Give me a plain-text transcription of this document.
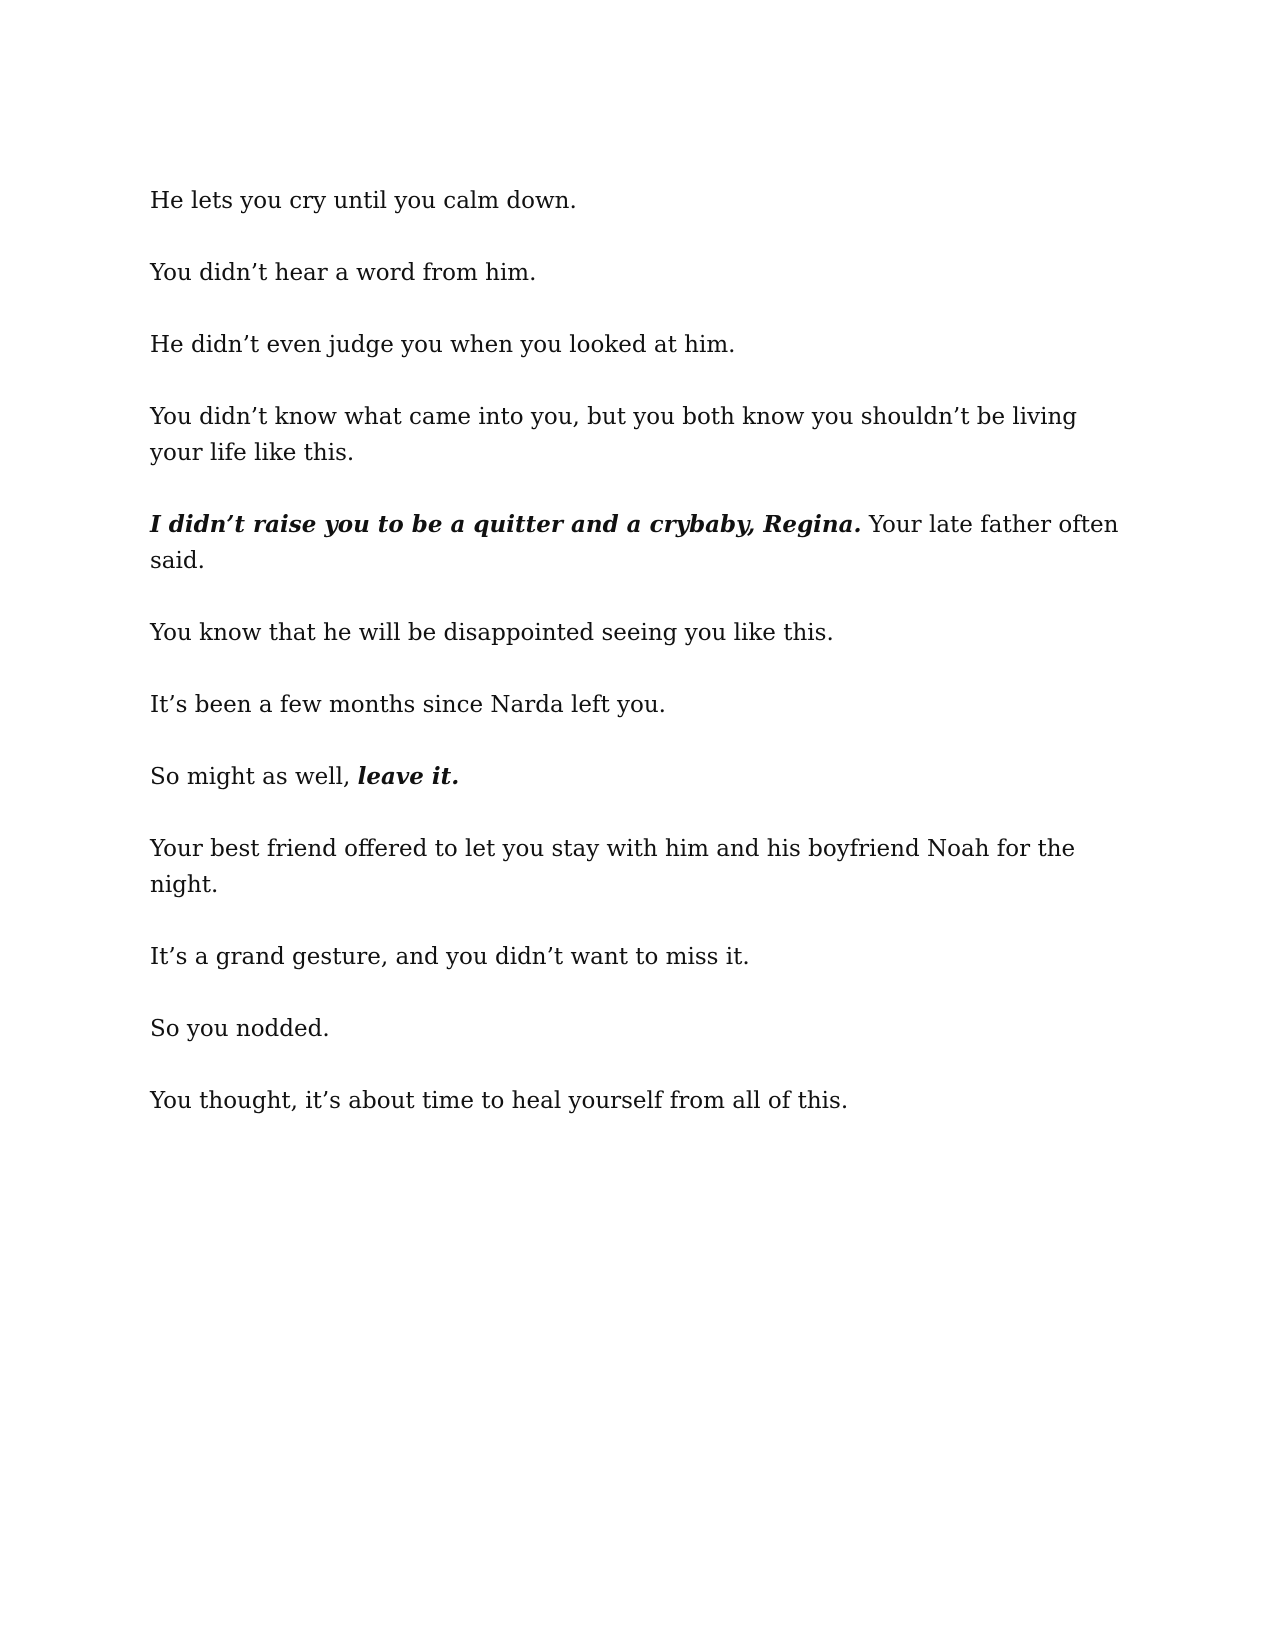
He lets you cry until you calm down.

You didn’t hear a word from him.

He didn’t even judge you when you looked at him.

You didn’t know what came into you, but you both know you shouldn’t be living your life like this.

I didn’t raise you to be a quitter and a crybaby, Regina. Your late father often said.

You know that he will be disappointed seeing you like this.

It’s been a few months since Narda left you.

So might as well, leave it.

Your best friend offered to let you stay with him and his boyfriend Noah for the night.

It’s a grand gesture, and you didn’t want to miss it.

So you nodded.

You thought, it’s about time to heal yourself from all of this.
